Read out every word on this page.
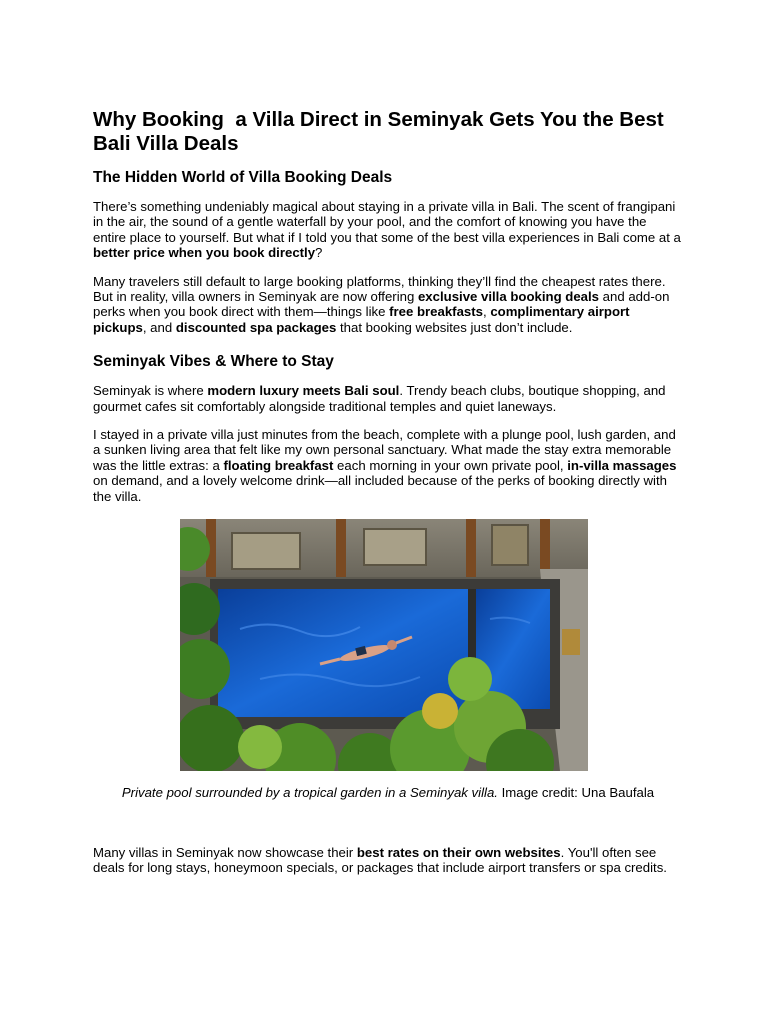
Why Booking  a Villa Direct in Seminyak Gets You the Best Bali Villa Deals
The Hidden World of Villa Booking Deals

There’s something undeniably magical about staying in a private villa in Bali. The scent of frangipani in the air, the sound of a gentle waterfall by your pool, and the comfort of knowing you have the entire place to yourself. But what if I told you that some of the best villa experiences in Bali come at a better price when you book directly?

Many travelers still default to large booking platforms, thinking they’ll find the cheapest rates there. But in reality, villa owners in Seminyak are now offering exclusive villa booking deals and add-on perks when you book direct with them—things like free breakfasts, complimentary airport pickups, and discounted spa packages that booking websites just don’t include.

Seminyak Vibes & Where to Stay

Seminyak is where modern luxury meets Bali soul. Trendy beach clubs, boutique shopping, and gourmet cafes sit comfortably alongside traditional temples and quiet laneways.

I stayed in a private villa just minutes from the beach, complete with a plunge pool, lush garden, and a sunken living area that felt like my own personal sanctuary. What made the stay extra memorable was the little extras: a floating breakfast each morning in your own private pool, in-villa massages on demand, and a lovely welcome drink—all included because of the perks of booking directly with the villa.

Private pool surrounded by a tropical garden in a Seminyak villa. Image credit: Una Baufala

Many villas in Seminyak now showcase their best rates on their own websites. You'll often see deals for long stays, honeymoon specials, or packages that include airport transfers or spa credits.
